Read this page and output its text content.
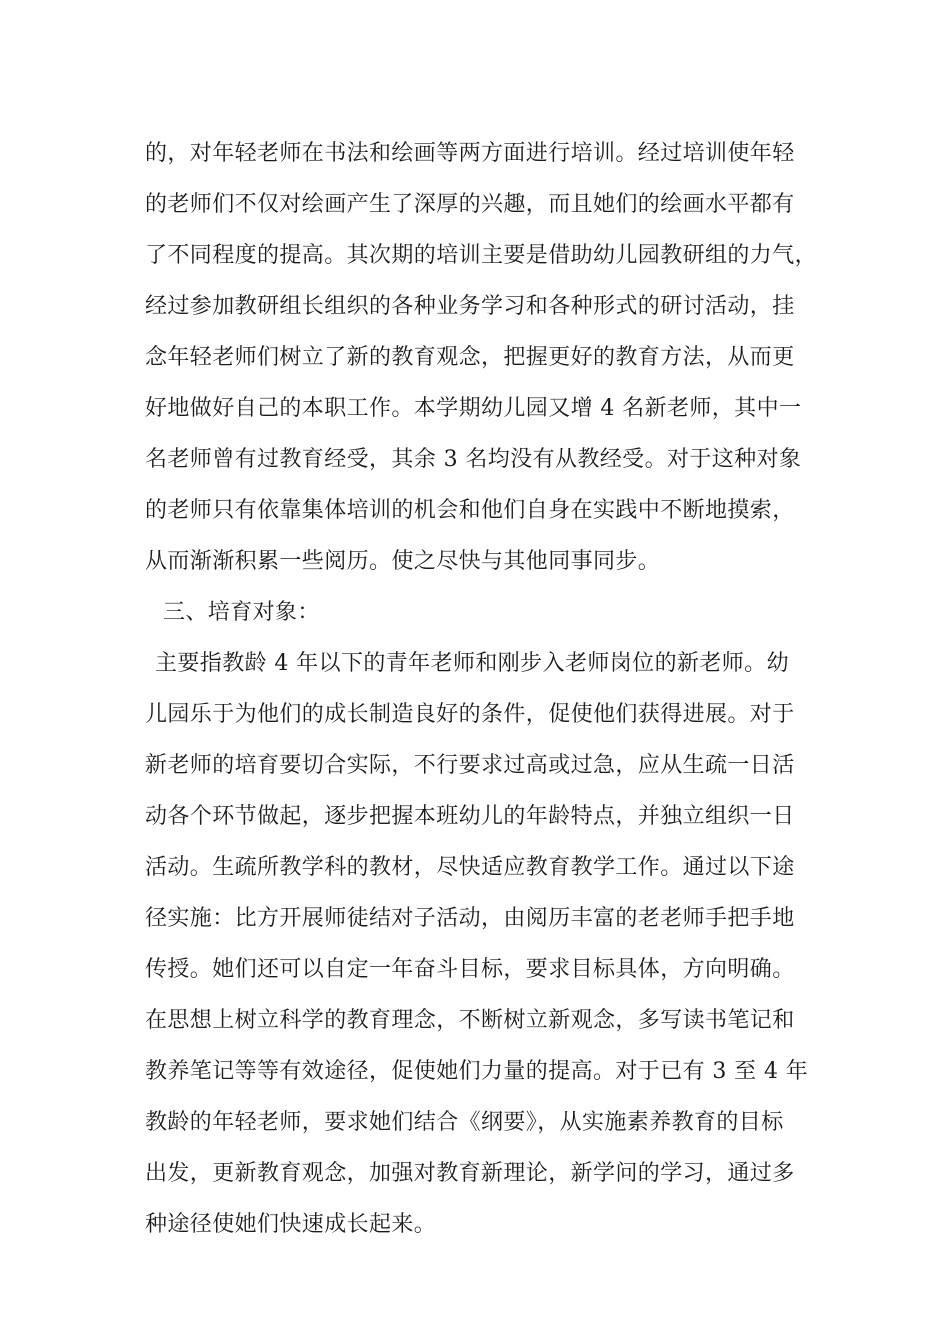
的，对年轻老师在书法和绘画等两方面进行培训。经过培训使年轻
的老师们不仅对绘画产生了深厚的兴趣，而且她们的绘画水平都有
了不同程度的提高。其次期的培训主要是借助幼儿园教研组的力气，
经过参加教研组长组织的各种业务学习和各种形式的研讨活动，挂
念年轻老师们树立了新的教育观念，把握更好的教育方法，从而更
好地做好自己的本职工作。本学期幼儿园又增 4 名新老师，其中一
名老师曾有过教育经受，其余 3 名均没有从教经受。对于这种对象
的老师只有依靠集体培训的机会和他们自身在实践中不断地摸索，
从而渐渐积累一些阅历。使之尽快与其他同事同步。
三、培育对象：
主要指教龄 4 年以下的青年老师和刚步入老师岗位的新老师。幼
儿园乐于为他们的成长制造良好的条件，促使他们获得进展。对于
新老师的培育要切合实际，不行要求过高或过急，应从生疏一日活
动各个环节做起，逐步把握本班幼儿的年龄特点，并独立组织一日
活动。生疏所教学科的教材，尽快适应教育教学工作。通过以下途
径实施：比方开展师徒结对子活动，由阅历丰富的老老师手把手地
传授。她们还可以自定一年奋斗目标，要求目标具体，方向明确。
在思想上树立科学的教育理念，不断树立新观念，多写读书笔记和
教养笔记等等有效途径，促使她们力量的提高。对于已有 3 至 4 年
教龄的年轻老师，要求她们结合《纲要》，从实施素养教育的目标
出发，更新教育观念，加强对教育新理论，新学问的学习，通过多
种途径使她们快速成长起来。
